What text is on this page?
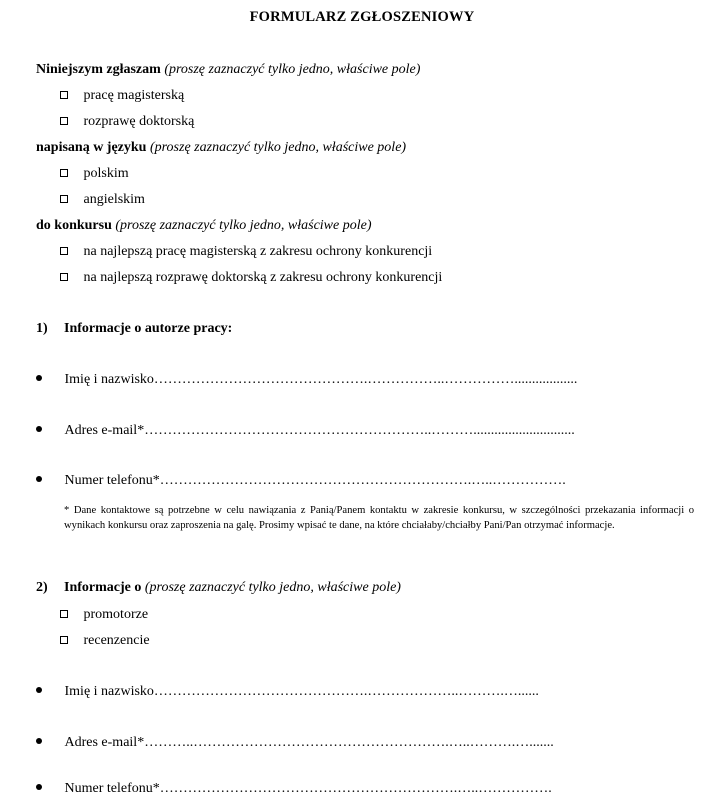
FORMULARZ ZGŁOSZENIOWY
Niniejszym zgłaszam (proszę zaznaczyć tylko jedno, właściwe pole)
pracę magisterską
rozprawę doktorską
napisaną w języku (proszę zaznaczyć tylko jedno, właściwe pole)
polskim
angielskim
do konkursu (proszę zaznaczyć tylko jedno, właściwe pole)
na najlepszą pracę magisterską z zakresu ochrony konkurencji
na najlepszą rozprawę doktorską z zakresu ochrony konkurencji
1) Informacje o autorze pracy:
Imię i nazwisko……………………………………….……………..……………..................
Adres e-mail*……………………………………………………..……….............................
Numer telefonu*………………………………………………………….…..…………….
* Dane kontaktowe są potrzebne w celu nawiązania z Panią/Panem kontaktu w zakresie konkursu, w szczególności przekazania informacji o wynikach konkursu oraz zaproszenia na galę. Prosimy wpisać te dane, na które chciałaby/chciałby Pani/Pan otrzymać informacje.
2) Informacje o (proszę zaznaczyć tylko jedno, właściwe pole)
promotorze
recenzencie
Imię i nazwisko……………………………………….………………..……….…......
Adres e-mail*………..……………………………………………….…..……….….......
Numer telefonu*……………………………………………………….…..…………….
